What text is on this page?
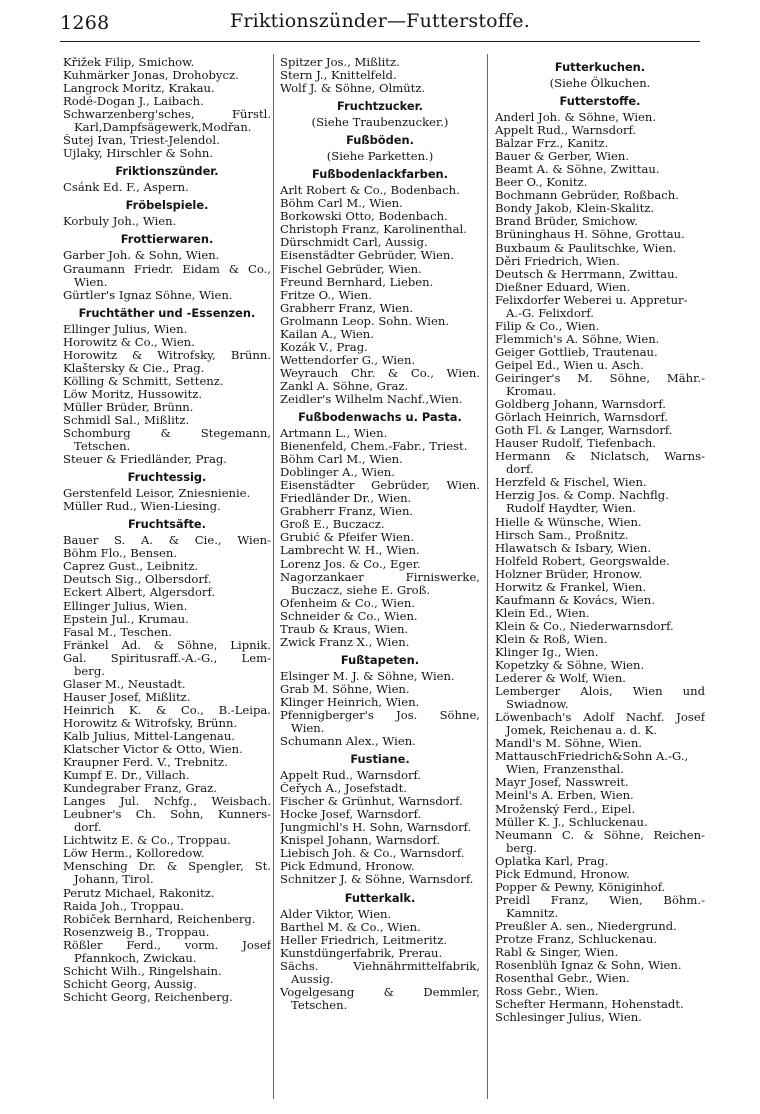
1268	Friktionszünder—Futterstoffe.
Křižek Filip, Smichow.
Kuhmärker Jonas, Drohobycz.
Langrock Moritz, Krakau.
Rodé-Dogan J., Laibach.
Schwarzenberg'sches, Fürstl.
Karl,Dampfsägewerk,Modřan.
Šutej Ivan, Triest-Jelendol.
Ujlaky, Hirschler & Sohn.
Friktionszünder.
Csánk Ed. F., Aspern.
Fröbelspiele.
Korbuly Joh., Wien.
Frottierwaren.
Garber Joh. & Sohn, Wien.
Graumann Friedr. Eidam & Co.,
Wien.
Gürtler's Ignaz Söhne, Wien.
Fruchtäther und -Essenzen.
Ellinger Julius, Wien.
Horowitz & Co., Wien.
Horowitz & Witrofsky, Brünn.
Klaštersky & Cie., Prag.
Kölling & Schmitt, Settenz.
Löw Moritz, Hussowitz.
Müller Brüder, Brünn.
Schmidl Sal., Mißlitz.
Schomburg & Stegemann,
Tetschen.
Steuer & Friedländer, Prag.
Fruchtessig.
Gerstenfeld Leisor, Zniesnienie.
Müller Rud., Wien-Liesing.
Fruchtsäfte.
Bauer S. A. & Cie., Wien-
Böhm Flo., Bensen.
Caprez Gust., Leibnitz.
Deutsch Sig., Olbersdorf.
Eckert Albert, Algersdorf.
Ellinger Julius, Wien.
Epstein Jul., Krumau.
Fasal M., Teschen.
Fränkel Ad. & Söhne, Lipnik.
Gal. Spiritusraff.-A.-G., Lem-
berg.
Glaser M., Neustadt.
Hauser Josef, Mißlitz.
Heinrich K. & Co., B.-Leipa.
Horowitz & Witrofsky, Brünn.
Kalb Julius, Mittel-Langenau.
Klatscher Victor & Otto, Wien.
Kraupner Ferd. V., Trebnitz.
Kumpf E. Dr., Villach.
Kundegraber Franz, Graz.
Langes Jul. Nchfg., Weisbach.
Leubner's Ch. Sohn, Kunners-
dorf.
Lichtwitz E. & Co., Troppau.
Löw Herm., Kolloredow.
Mensching Dr. & Spengler, St.
Johann, Tirol.
Perutz Michael, Rakonitz.
Raida Joh., Troppau.
Robiček Bernhard, Reichenberg.
Rosenzweig B., Troppau.
Rößler Ferd., vorm. Josef
Pfannkoch, Zwickau.
Schicht Wilh., Ringelshain.
Schicht Georg, Aussig.
Schicht Georg, Reichenberg.
Spitzer Jos., Mißlitz.
Stern J., Knittelfeld.
Wolf J. & Söhne, Olmütz.
Fruchtzucker.
(Siehe Traubenzucker.)
Fußböden.
(Siehe Parketten.)
Fußbodenlackfarben.
Arlt Robert & Co., Bodenbach.
Böhm Carl M., Wien.
Borkowski Otto, Bodenbach.
Christoph Franz, Karolinenthal.
Dürschmidt Carl, Aussig.
Eisenstädter Gebrüder, Wien.
Fischel Gebrüder, Wien.
Freund Bernhard, Lieben.
Fritze O., Wien.
Grabherr Franz, Wien.
Grolmann Leop. Sohn. Wien.
Kailan A., Wien.
Kozák V., Prag.
Wettendorfer G., Wien.
Weyrauch Chr. & Co., Wien.
Zankl A. Söhne, Graz.
Zeidler's Wilhelm Nachf.,Wien.
Fußbodenwachs u. Pasta.
Artmann L., Wien.
Bienenfeld, Chem.-Fabr., Triest.
Böhm Carl M., Wien.
Doblinger A., Wien.
Eisenstädter Gebrüder, Wien.
Friedländer Dr., Wien.
Grabherr Franz, Wien.
Groß E., Buczacz.
Grubić & Pfeifer Wien.
Lambrecht W. H., Wien.
Lorenz Jos. & Co., Eger.
Nagorzankaer Firniswerke,
Buczacz, siehe E. Groß.
Ofenheim & Co., Wien.
Schneider & Co., Wien.
Traub & Kraus, Wien.
Zwick Franz X., Wien.
Fußtapeten.
Elsinger M. J. & Söhne, Wien.
Grab M. Söhne, Wien.
Klinger Heinrich, Wien.
Pfennigberger's Jos. Söhne,
Wien.
Schumann Alex., Wien.
Fustiane.
Appelt Rud., Warnsdorf.
Čeřych A., Josefstadt.
Fischer & Grünhut, Warnsdorf.
Hocke Josef, Warnsdorf.
Jungmichl's H. Sohn, Warnsdorf.
Knispel Johann, Warnsdorf.
Liebisch Joh. & Co., Warnsdorf.
Pick Edmund, Hronow.
Schnitzer J. & Söhne, Warnsdorf.
Futterkalk.
Alder Viktor, Wien.
Barthel M. & Co., Wien.
Heller Friedrich, Leitmeritz.
Kunstdüngerfabrik, Prerau.
Sächs. Viehnährmittelfabrik,
Aussig.
Vogelgesang & Demmler,
Tetschen.
Futterkuchen.
(Siehe Ölkuchen.
Futterstoffe.
Anderl Joh. & Söhne, Wien.
Appelt Rud., Warnsdorf.
Balzar Frz., Kanitz.
Bauer & Gerber, Wien.
Beamt A. & Söhne, Zwittau.
Beer O., Konitz.
Bochmann Gebrüder, Roßbach.
Bondy Jakob, Klein-Skalitz.
Brand Brüder, Smichow.
Brüninghaus H. Söhne, Grottau.
Buxbaum & Paulitschke, Wien.
Děri Friedrich, Wien.
Deutsch & Herrmann, Zwittau.
Dießner Eduard, Wien.
Felixdorfer Weberei u. Appretur-
A.-G. Felixdorf.
Filip & Co., Wien.
Flemmich's A. Söhne, Wien.
Geiger Gottlieb, Trautenau.
Geipel Ed., Wien u. Asch.
Geiringer's M. Söhne, Mähr.-
Kromau.
Goldberg Johann, Warnsdorf.
Görlach Heinrich, Warnsdorf.
Goth Fl. & Langer, Warnsdorf.
Hauser Rudolf, Tiefenbach.
Hermann & Niclatsch, Warns-
dorf.
Herzfeld & Fischel, Wien.
Herzig Jos. & Comp. Nachflg.
Rudolf Haydter, Wien.
Hielle & Wünsche, Wien.
Hirsch Sam., Proßnitz.
Hlawatsch & Isbary, Wien.
Holfeld Robert, Georgswalde.
Holzner Brüder, Hronow.
Horwitz & Frankel, Wien.
Kaufmann & Kovács, Wien.
Klein Ed., Wien.
Klein & Co., Niederwarnsdorf.
Klein & Roß, Wien.
Klinger Ig., Wien.
Kopetzky & Söhne, Wien.
Lederer & Wolf, Wien.
Lemberger Alois, Wien und
Swiadnow.
Löwenbach's Adolf Nachf. Josef
Jomek, Reichenau a. d. K.
Mandl's M. Söhne, Wien.
MattauschFriedrich&Sohn A.-G.,
Wien, Franzensthal.
Mayr Josef, Nasswreit.
Meinl's A. Erben, Wien.
Mroženský Ferd., Eipel.
Müller K. J., Schluckenau.
Neumann C. & Söhne, Reichen-
berg.
Oplatka Karl, Prag.
Pick Edmund, Hronow.
Popper & Pewny, Königinhof.
Preidl Franz, Wien, Böhm.-
Kamnitz.
Preußler A. sen., Niedergrund.
Protze Franz, Schluckenau.
Rabl & Singer, Wien.
Rosenblüh Ignaz & Sohn, Wien.
Rosenthal Gebr., Wien.
Ross Gebr., Wien.
Schefter Hermann, Hohenstadt.
Schlesinger Julius, Wien.
